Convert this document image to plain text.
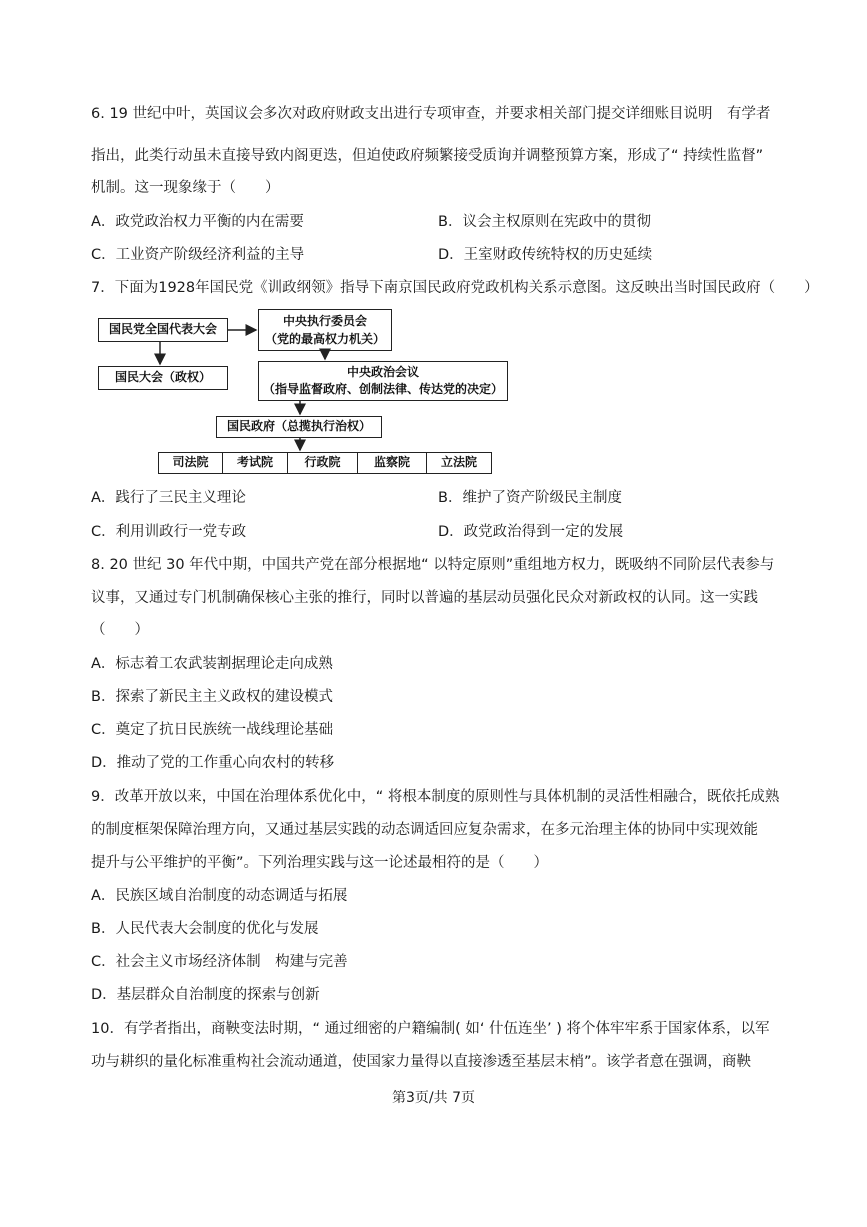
6. 19 世纪中叶，英国议会多次对政府财政支出进行专项审查，并要求相关部门提交详细账目说明　有学者
指出，此类行动虽未直接导致内阁更迭，但迫使政府频繁接受质询并调整预算方案，形成了“ 持续性监督”
机制。这一现象缘于（　　）
A．政党政治权力平衡的内在需要	B．议会主权原则在宪政中的贯彻
C．工业资产阶级经济利益的主导	D．王室财政传统特权的历史延续
7．下面为1928年国民党《训政纲领》指导下南京国民政府党政机构关系示意图。这反映出当时国民政府（　　）
国民党全国代表大会
中央执行委员会
（党的最高权力机关）
国民大会（政权）	中央政治会议
（指导监督政府、创制法律、传达党的决定）
国民政府（总揽执行治权）
司法院	考试院	行政院	监察院	立法院
A．践行了三民主义理论	B．维护了资产阶级民主制度
C．利用训政行一党专政	D．政党政治得到一定的发展
8. 20 世纪 30 年代中期，中国共产党在部分根据地“ 以特定原则”重组地方权力，既吸纳不同阶层代表参与
议事，又通过专门机制确保核心主张的推行，同时以普遍的基层动员强化民众对新政权的认同。这一实践
（　　）
A．标志着工农武装割据理论走向成熟
B．探索了新民主主义政权的建设模式
C．奠定了抗日民族统一战线理论基础
D．推动了党的工作重心向农村的转移
9．改革开放以来，中国在治理体系优化中，“ 将根本制度的原则性与具体机制的灵活性相融合，既依托成熟
的制度框架保障治理方向，又通过基层实践的动态调适回应复杂需求，在多元治理主体的协同中实现效能
提升与公平维护的平衡”。下列治理实践与这一论述最相符的是（　　）
A．民族区域自治制度的动态调适与拓展
B．人民代表大会制度的优化与发展
C．社会主义市场经济体制　构建与完善
D．基层群众自治制度的探索与创新
10．有学者指出，商鞅变法时期，“ 通过细密的户籍编制( 如‘ 什伍连坐’ ) 将个体牢牢系于国家体系，以军
功与耕织的量化标准重构社会流动通道，使国家力量得以直接渗透至基层末梢”。该学者意在强调，商鞅
第3页/共 7页
